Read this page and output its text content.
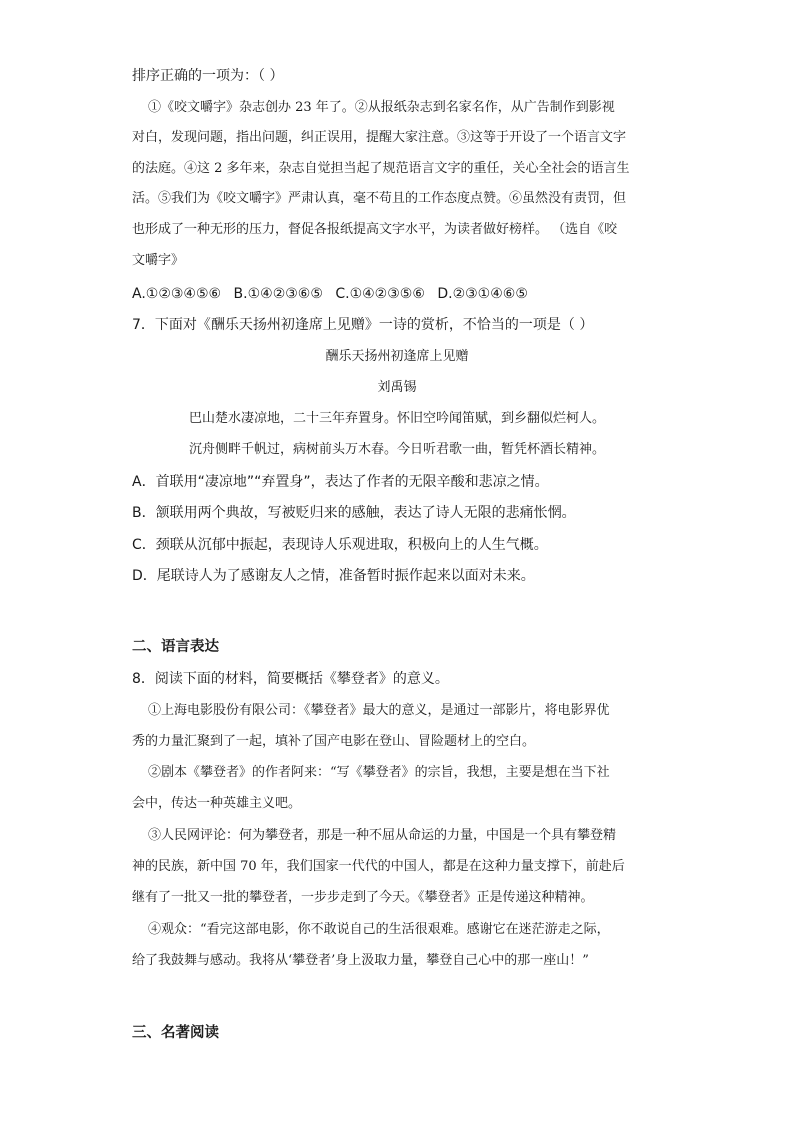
排序正确的一项为：（ ）
①《咬文嚼字》杂志创办 23 年了。②从报纸杂志到名家名作，从广告制作到影视
对白，发现问题，指出问题，纠正误用，提醒大家注意。③这等于开设了一个语言文字
的法庭。④这 2 多年来，杂志自觉担当起了规范语言文字的重任，关心全社会的语言生
活。⑤我们为《咬文嚼字》严肃认真，毫不苟且的工作态度点赞。⑥虽然没有责罚，但
也形成了一种无形的压力，督促各报纸提高文字水平，为读者做好榜样。 （选自《咬
文嚼字》
A.①②③④⑤⑥ B.①④②③⑥⑤ C.①④②③⑤⑥ D.②③①④⑥⑤
7．下面对《酬乐天扬州初逢席上见赠》一诗的赏析，不恰当的一项是（ ）
酬乐天扬州初逢席上见赠
刘禹锡
巴山楚水凄凉地，二十三年弃置身。怀旧空吟闻笛赋，到乡翻似烂柯人。
沉舟侧畔千帆过，病树前头万木春。今日听君歌一曲，暂凭杯酒长精神。
A．首联用“凄凉地”“弃置身”，表达了作者的无限辛酸和悲凉之情。
B．颔联用两个典故，写被贬归来的感触，表达了诗人无限的悲痛怅惘。
C．颈联从沉郁中振起，表现诗人乐观进取，积极向上的人生气概。
D．尾联诗人为了感谢友人之情，准备暂时振作起来以面对未来。
二、语言表达
8．阅读下面的材料，简要概括《攀登者》的意义。
①上海电影股份有限公司：《攀登者》最大的意义，是通过一部影片，将电影界优
秀的力量汇聚到了一起，填补了国产电影在登山、冒险题材上的空白。
②剧本《攀登者》的作者阿来：“写《攀登者》的宗旨，我想，主要是想在当下社
会中，传达一种英雄主义吧。
③人民网评论：何为攀登者，那是一种不屈从命运的力量，中国是一个具有攀登精
神的民族，新中国 70 年，我们国家一代代的中国人，都是在这种力量支撑下，前赴后
继有了一批又一批的攀登者，一步步走到了今天。《攀登者》正是传递这种精神。
④观众：“看完这部电影，你不敢说自己的生活很艰难。感谢它在迷茫游走之际，
给了我鼓舞与感动。我将从‘攀登者’身上汲取力量，攀登自己心中的那一座山！”
三、名著阅读
